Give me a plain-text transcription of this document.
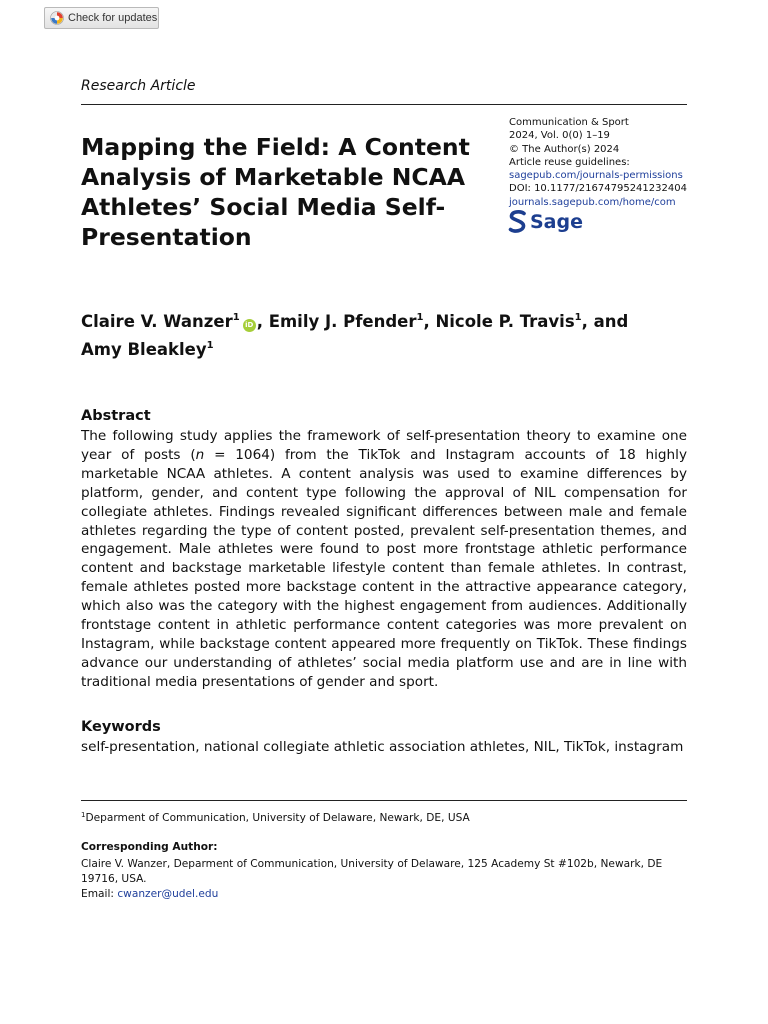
Check for updates
Research Article
Mapping the Field: A Content Analysis of Marketable NCAA Athletes’ Social Media Self-Presentation
Communication & Sport
2024, Vol. 0(0) 1–19
© The Author(s) 2024
Article reuse guidelines:
sagepub.com/journals-permissions
DOI: 10.1177/21674795241232404
journals.sagepub.com/home/com
Sage
Claire V. Wanzer$^1$iD , Emily J. Pfender$^1$, Nicole P. Travis$^1$, and
Amy Bleakley$^1$
Abstract

The following study applies the framework of self-presentation theory to examine one year of posts (n = 1064) from the TikTok and Instagram accounts of 18 highly marketable NCAA athletes. A content analysis was used to examine differences by platform, gender, and content type following the approval of NIL compensation for collegiate athletes. Findings revealed significant differences between male and female athletes regarding the type of content posted, prevalent self-presentation themes, and engagement. Male athletes were found to post more frontstage athletic performance content and backstage marketable lifestyle content than female athletes. In contrast, female athletes posted more backstage content in the attractive appearance category, which also was the category with the highest engagement from audiences. Additionally frontstage content in athletic performance content categories was more prevalent on Instagram, while backstage content appeared more frequently on TikTok. These findings advance our understanding of athletes’ social media platform use and are in line with traditional media presentations of gender and sport.

Keywords

self-presentation, national collegiate athletic association athletes, NIL, TikTok, instagram

$^1$Deparment of Communication, University of Delaware, Newark, DE, USA
Corresponding Author:
Claire V. Wanzer, Deparment of Communication, University of Delaware, 125 Academy St #102b, Newark, DE 19716, USA.
Email: cwanzer@udel.edu
